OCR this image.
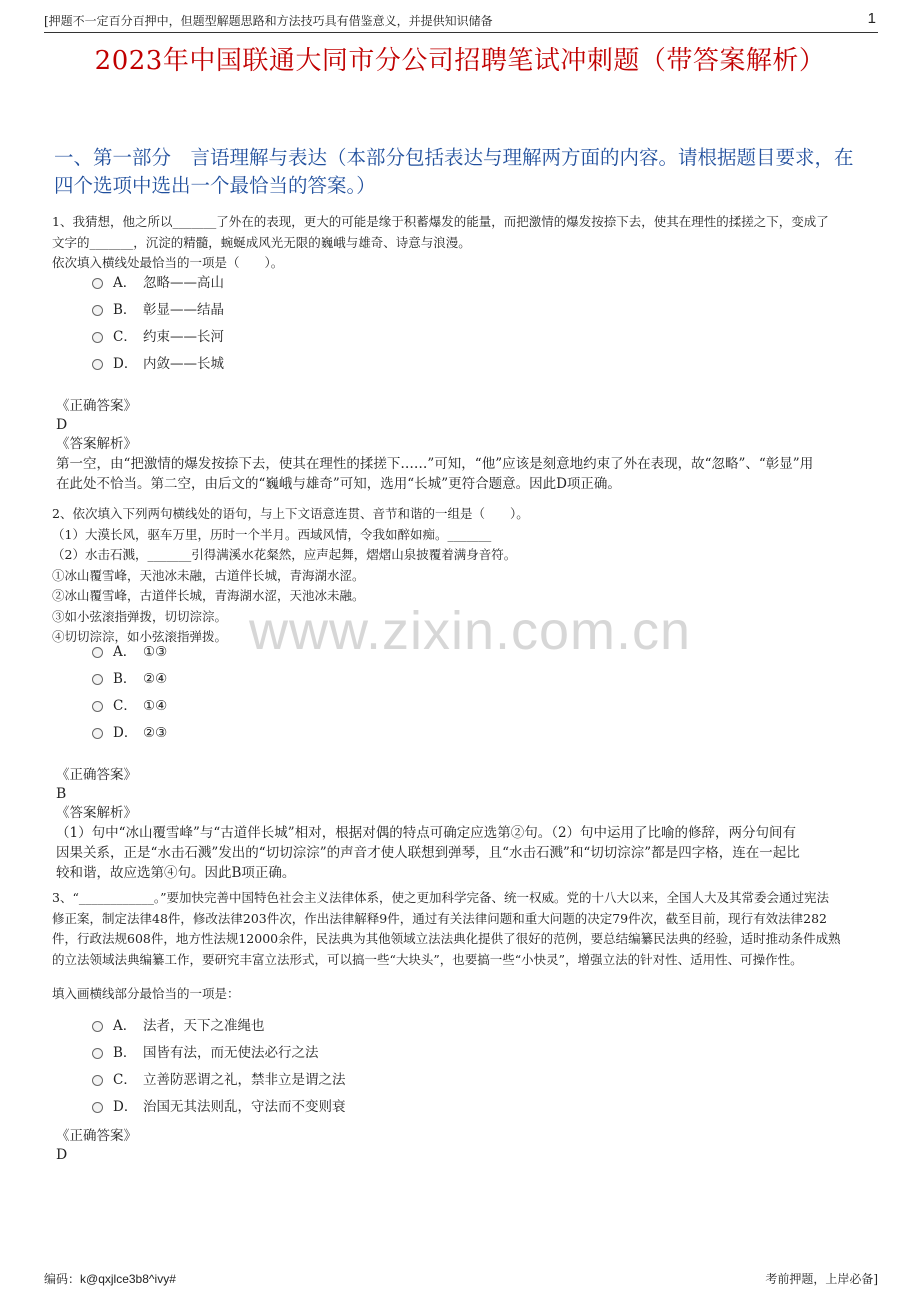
[押题不一定百分百押中，但题型解题思路和方法技巧具有借鉴意义，并提供知识储备	1
2023年中国联通大同市分公司招聘笔试冲刺题（带答案解析）
一、第一部分　言语理解与表达（本部分包括表达与理解两方面的内容。请根据题目要求，在四个选项中选出一个最恰当的答案。）

1、我猜想，他之所以_______了外在的表现，更大的可能是缘于积蓄爆发的能量，而把激情的爆发按捺下去，使其在理性的揉搓之下，变成了

文字的_______，沉淀的精髓，蜿蜒成风光无限的巍峨与雄奇、诗意与浪漫。

依次填入横线处最恰当的一项是（　　）。

A． 忽略——高山
B． 彰显——结晶
C． 约束——长河
D． 内敛——长城

《正确答案》

D

《答案解析》

第一空，由“把激情的爆发按捺下去，使其在理性的揉搓下……”可知，“他”应该是刻意地约束了外在表现，故“忽略”、“彰显”用

在此处不恰当。第二空，由后文的“巍峨与雄奇”可知，选用“长城”更符合题意。因此D项正确。

2、依次填入下列两句横线处的语句，与上下文语意连贯、音节和谐的一组是（　　）。

（1）大漠长风，驱车万里，历时一个半月。西域风情，令我如醉如痴。_______

（2）水击石溅，_______引得满溪水花粲然，应声起舞，熠熠山泉披覆着满身音符。

①冰山覆雪峰，天池冰未融，古道伴长城，青海湖水涩。

②冰山覆雪峰，古道伴长城，青海湖水涩，天池冰未融。

③如小弦滚指弹拨，切切淙淙。

④切切淙淙，如小弦滚指弹拨。

A． ①③
B． ②④
C． ①④
D． ②③

《正确答案》

B

《答案解析》

（1）句中“冰山覆雪峰”与“古道伴长城”相对，根据对偶的特点可确定应选第②句。（2）句中运用了比喻的修辞，两分句间有

因果关系，正是“水击石溅”发出的“切切淙淙”的声音才使人联想到弹琴，且“水击石溅”和“切切淙淙”都是四字格，连在一起比

较和谐，故应选第④句。因此B项正确。

3、“____________。”要加快完善中国特色社会主义法律体系，使之更加科学完备、统一权威。党的十八大以来，全国人大及其常委会通过宪法

修正案，制定法律48件，修改法律203件次，作出法律解释9件，通过有关法律问题和重大问题的决定79件次，截至目前，现行有效法律282

件，行政法规608件，地方性法规12000余件，民法典为其他领域立法法典化提供了很好的范例，要总结编纂民法典的经验，适时推动条件成熟

的立法领域法典编纂工作，要研究丰富立法形式，可以搞一些“大块头”，也要搞一些“小快灵”，增强立法的针对性、适用性、可操作性。

填入画横线部分最恰当的一项是：
A． 法者，天下之准绳也
B． 国皆有法，而无使法必行之法
C． 立善防恶谓之礼，禁非立是谓之法
D． 治国无其法则乱，守法而不变则衰

《正确答案》

D

www.zixin.com.cn
编码：k@qxjlce3b8^ivy#	考前押题，上岸必备]
